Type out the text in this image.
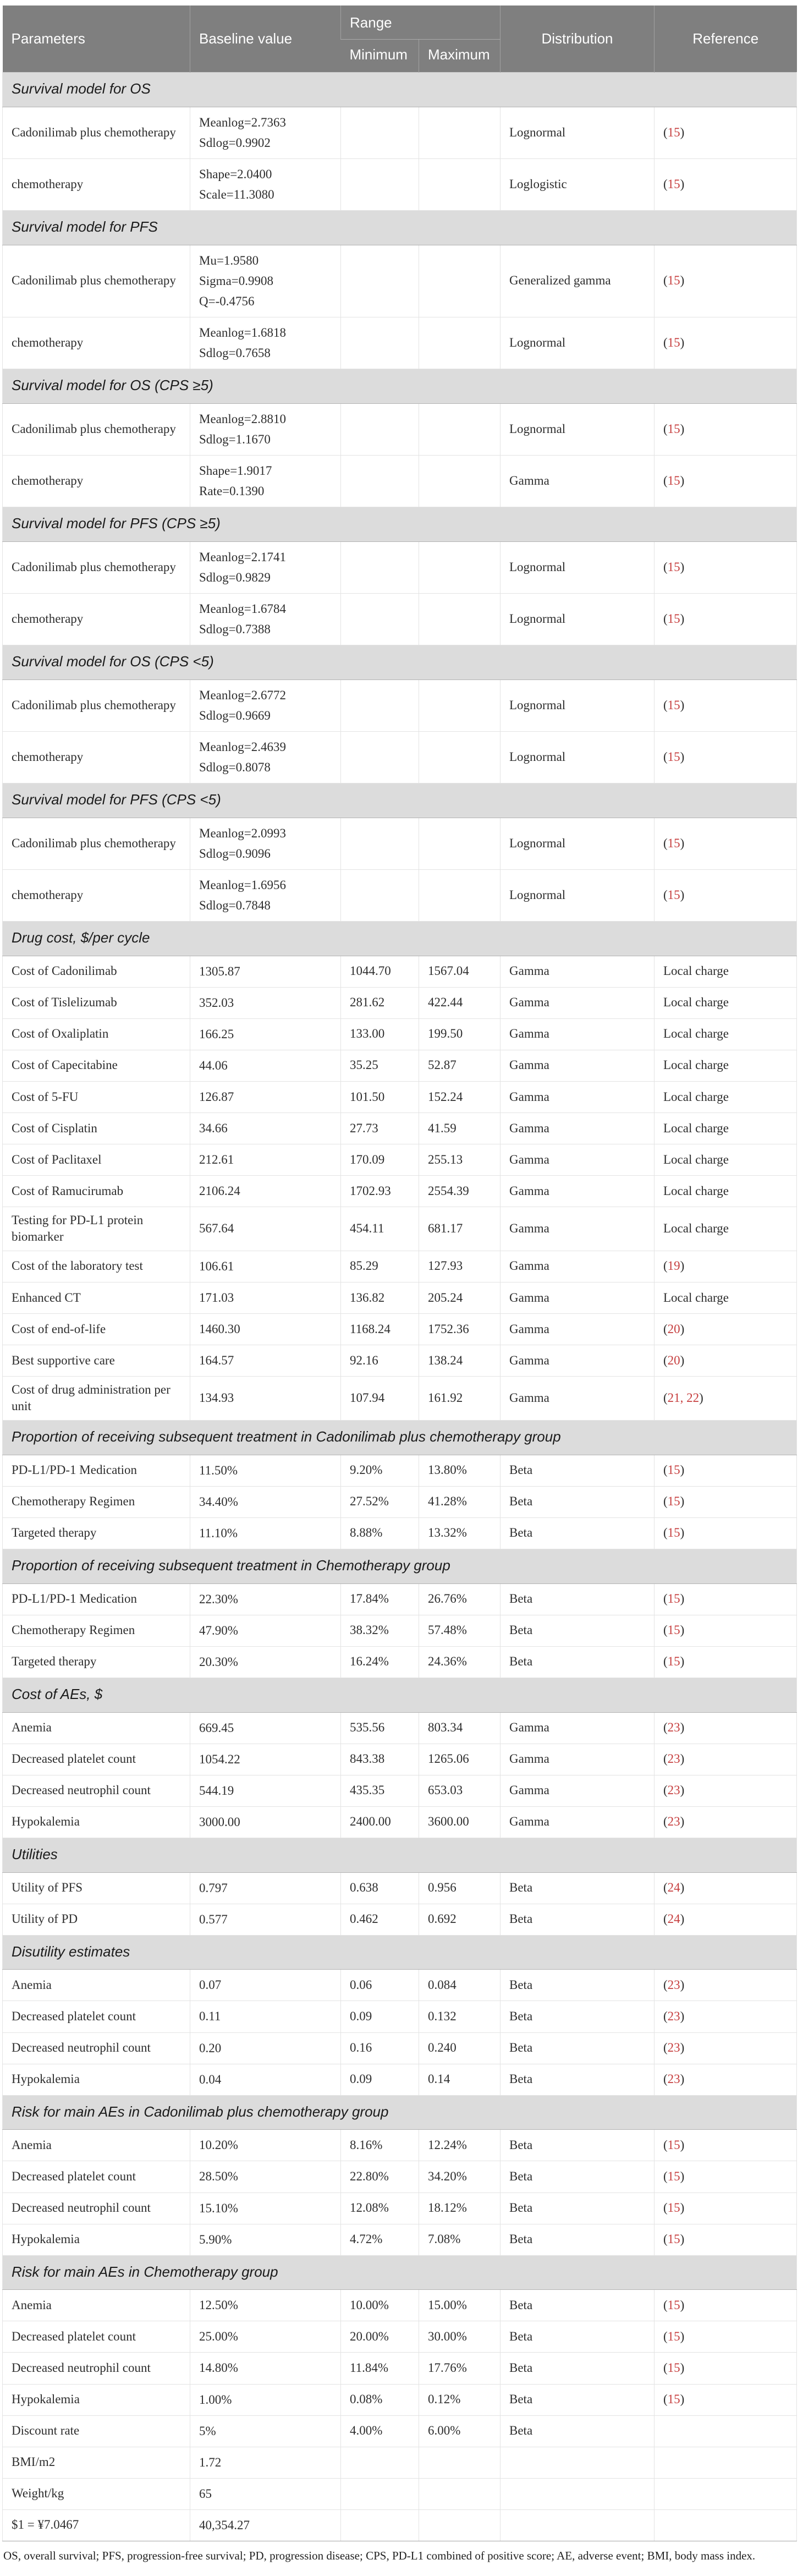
Parameters	Baseline value	Range		Distribution	Reference
		Minimum	Maximum		
Survival model for OS					
Cadonilimab plus chemotherapy	Meanlog=2.7363
Sdlog=0.9902			Lognormal	(15)
chemotherapy	Shape=2.0400
Scale=11.3080			Loglogistic	(15)
Survival model for PFS					
Cadonilimab plus chemotherapy	Mu=1.9580
Sigma=0.9908
Q=-0.4756			Generalized gamma	(15)
chemotherapy	Meanlog=1.6818
Sdlog=0.7658			Lognormal	(15)
Survival model for OS (CPS ≥5)					
Cadonilimab plus chemotherapy	Meanlog=2.8810
Sdlog=1.1670			Lognormal	(15)
chemotherapy	Shape=1.9017
Rate=0.1390			Gamma	(15)
Survival model for PFS (CPS ≥5)					
Cadonilimab plus chemotherapy	Meanlog=2.1741
Sdlog=0.9829			Lognormal	(15)
chemotherapy	Meanlog=1.6784
Sdlog=0.7388			Lognormal	(15)
Survival model for OS (CPS <5)					
Cadonilimab plus chemotherapy	Meanlog=2.6772
Sdlog=0.9669			Lognormal	(15)
chemotherapy	Meanlog=2.4639
Sdlog=0.8078			Lognormal	(15)
Survival model for PFS (CPS <5)					
Cadonilimab plus chemotherapy	Meanlog=2.0993
Sdlog=0.9096			Lognormal	(15)
chemotherapy	Meanlog=1.6956
Sdlog=0.7848			Lognormal	(15)
Drug cost, $/per cycle					
Cost of Cadonilimab	1305.87	1044.70	1567.04	Gamma	Local charge
Cost of Tislelizumab	352.03	281.62	422.44	Gamma	Local charge
Cost of Oxaliplatin	166.25	133.00	199.50	Gamma	Local charge
Cost of Capecitabine	44.06	35.25	52.87	Gamma	Local charge
Cost of 5-FU	126.87	101.50	152.24	Gamma	Local charge
Cost of Cisplatin	34.66	27.73	41.59	Gamma	Local charge
Cost of Paclitaxel	212.61	170.09	255.13	Gamma	Local charge
Cost of Ramucirumab	2106.24	1702.93	2554.39	Gamma	Local charge
Testing for PD-L1 protein biomarker	567.64	454.11	681.17	Gamma	Local charge
Cost of the laboratory test	106.61	85.29	127.93	Gamma	(19)
Enhanced CT	171.03	136.82	205.24	Gamma	Local charge
Cost of end-of-life	1460.30	1168.24	1752.36	Gamma	(20)
Best supportive care	164.57	92.16	138.24	Gamma	(20)
Cost of drug administration per unit	134.93	107.94	161.92	Gamma	(21, 22)
Proportion of receiving subsequent treatment in Cadonilimab plus chemotherapy group					
PD-L1/PD-1 Medication	11.50%	9.20%	13.80%	Beta	(15)
Chemotherapy Regimen	34.40%	27.52%	41.28%	Beta	(15)
Targeted therapy	11.10%	8.88%	13.32%	Beta	(15)
Proportion of receiving subsequent treatment in Chemotherapy group					
PD-L1/PD-1 Medication	22.30%	17.84%	26.76%	Beta	(15)
Chemotherapy Regimen	47.90%	38.32%	57.48%	Beta	(15)
Targeted therapy	20.30%	16.24%	24.36%	Beta	(15)
Cost of AEs, $					
Anemia	669.45	535.56	803.34	Gamma	(23)
Decreased platelet count	1054.22	843.38	1265.06	Gamma	(23)
Decreased neutrophil count	544.19	435.35	653.03	Gamma	(23)
Hypokalemia	3000.00	2400.00	3600.00	Gamma	(23)
Utilities					
Utility of PFS	0.797	0.638	0.956	Beta	(24)
Utility of PD	0.577	0.462	0.692	Beta	(24)
Disutility estimates					
Anemia	0.07	0.06	0.084	Beta	(23)
Decreased platelet count	0.11	0.09	0.132	Beta	(23)
Decreased neutrophil count	0.20	0.16	0.240	Beta	(23)
Hypokalemia	0.04	0.09	0.14	Beta	(23)
Risk for main AEs in Cadonilimab plus chemotherapy group					
Anemia	10.20%	8.16%	12.24%	Beta	(15)
Decreased platelet count	28.50%	22.80%	34.20%	Beta	(15)
Decreased neutrophil count	15.10%	12.08%	18.12%	Beta	(15)
Hypokalemia	5.90%	4.72%	7.08%	Beta	(15)
Risk for main AEs in Chemotherapy group					
Anemia	12.50%	10.00%	15.00%	Beta	(15)
Decreased platelet count	25.00%	20.00%	30.00%	Beta	(15)
Decreased neutrophil count	14.80%	11.84%	17.76%	Beta	(15)
Hypokalemia	1.00%	0.08%	0.12%	Beta	(15)
Discount rate	5%	4.00%	6.00%	Beta	
BMI/m2	1.72				

Weight/kg	65				

$1 = ¥7.0467	40,354.27				

OS, overall survival; PFS, progression-free survival; PD, progression disease; CPS, PD-L1 combined of positive score; AE, adverse event; BMI, body mass index.
